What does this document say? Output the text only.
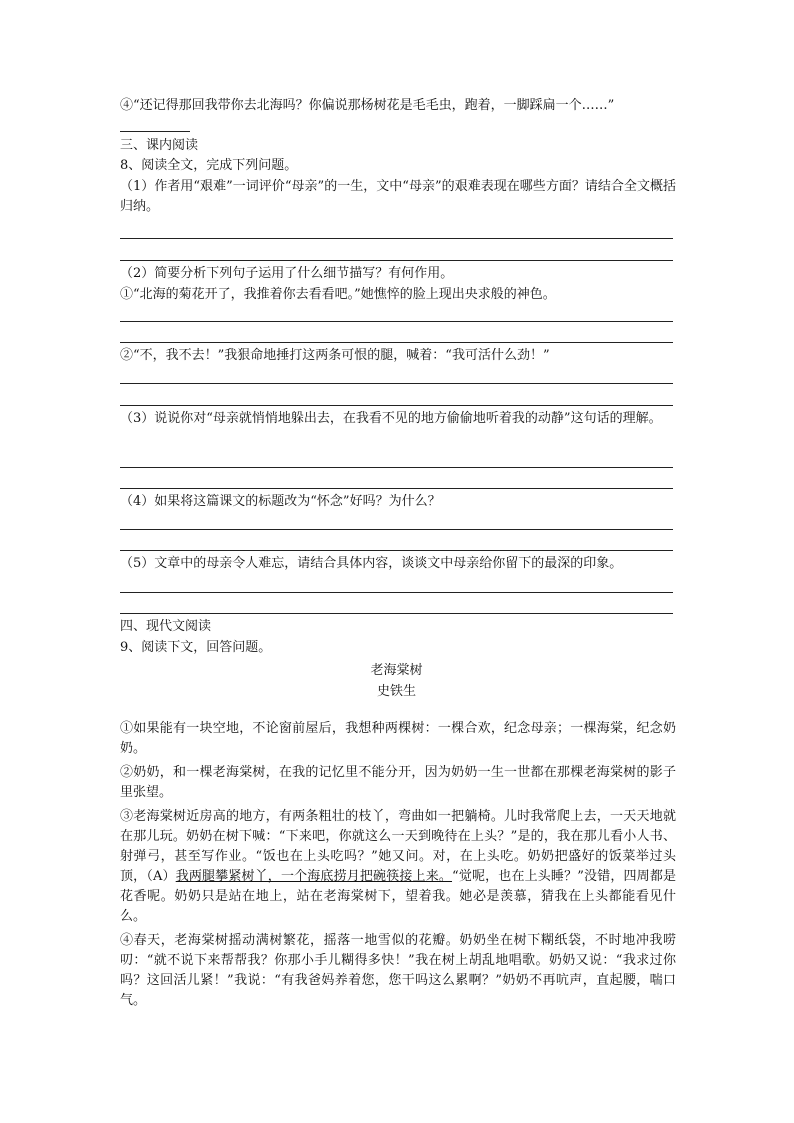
④“还记得那回我带你去北海吗？你偏说那杨树花是毛毛虫，跑着，一脚踩扁一个……”
三、课内阅读
8、阅读全文，完成下列问题。
（1）作者用“艰难”一词评价“母亲”的一生，文中“母亲”的艰难表现在哪些方面？请结合全文概括归纳。
（2）简要分析下列句子运用了什么细节描写？有何作用。
①“北海的菊花开了，我推着你去看看吧。”她憔悴的脸上现出央求般的神色。
②“不，我不去！”我狠命地捶打这两条可恨的腿，喊着：“我可活什么劲！”
（3）说说你对“母亲就悄悄地躲出去，在我看不见的地方偷偷地听着我的动静”这句话的理解。
（4）如果将这篇课文的标题改为“怀念”好吗？为什么？
（5）文章中的母亲令人难忘，请结合具体内容，谈谈文中母亲给你留下的最深的印象。
四、现代文阅读
9、阅读下文，回答问题。
老海棠树
史铁生
①如果能有一块空地，不论窗前屋后，我想种两棵树：一棵合欢，纪念母亲；一棵海棠，纪念奶奶。
②奶奶，和一棵老海棠树，在我的记忆里不能分开，因为奶奶一生一世都在那棵老海棠树的影子里张望。
③老海棠树近房高的地方，有两条粗壮的枝丫，弯曲如一把躺椅。儿时我常爬上去，一天天地就在那儿玩。奶奶在树下喊：“下来吧，你就这么一天到晚待在上头？”是的，我在那儿看小人书、射弹弓，甚至写作业。“饭也在上头吃吗？”她又问。对，在上头吃。奶奶把盛好的饭菜举过头顶，（A）我两腿攀紧树丫，一个海底捞月把碗筷接上来。“觉呢，也在上头睡？”没错，四周都是花香呢。奶奶只是站在地上，站在老海棠树下，望着我。她必是羡慕，猜我在上头都能看见什么。
④春天，老海棠树摇动满树繁花，摇落一地雪似的花瓣。奶奶坐在树下糊纸袋，不时地冲我唠叨：“就不说下来帮帮我？你那小手儿糊得多快！”我在树上胡乱地唱歌。奶奶又说：“我求过你吗？这回活儿紧！”我说：“有我爸妈养着您，您干吗这么累啊？”奶奶不再吭声，直起腰，喘口气。
